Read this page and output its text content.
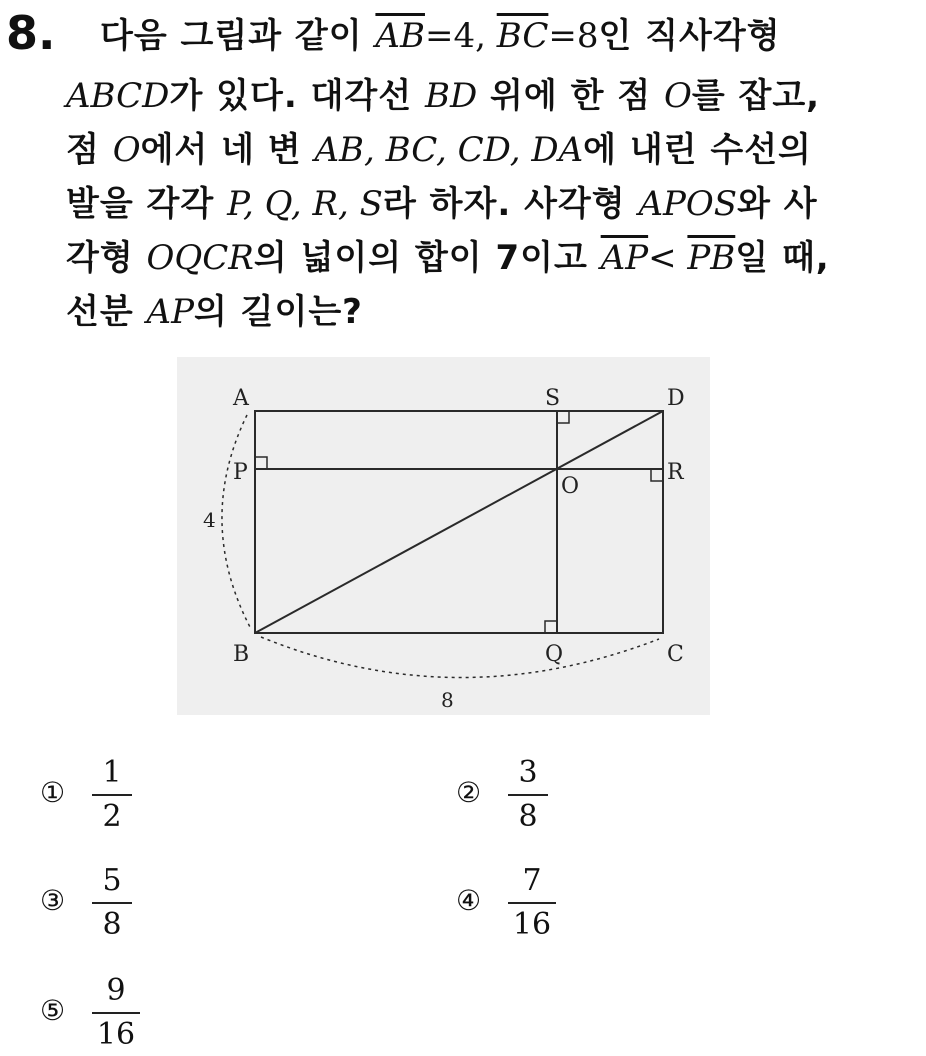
8. 다음 그림과 같이 $\overline{AB}=4$, $\overline{BC}=8$인 직사각형
ABCD가 있다. 대각선 BD 위에 한 점 O를 잡고,
점 O에서 네 변 AB, BC, CD, DA에 내린 수선의
발을 각각 P, Q, R, S라 하자. 사각형 APOS와 사
각형 OQCR의 넓이의 합이 7이고 $\overline{AP}< \overline{PB}$일 때,
선분 AP의 길이는?
A
P
B
S	D
R
O
Q	C
4
8
①
1
2
②
3
8
③
5
8
④
7
16
⑤
9
16
